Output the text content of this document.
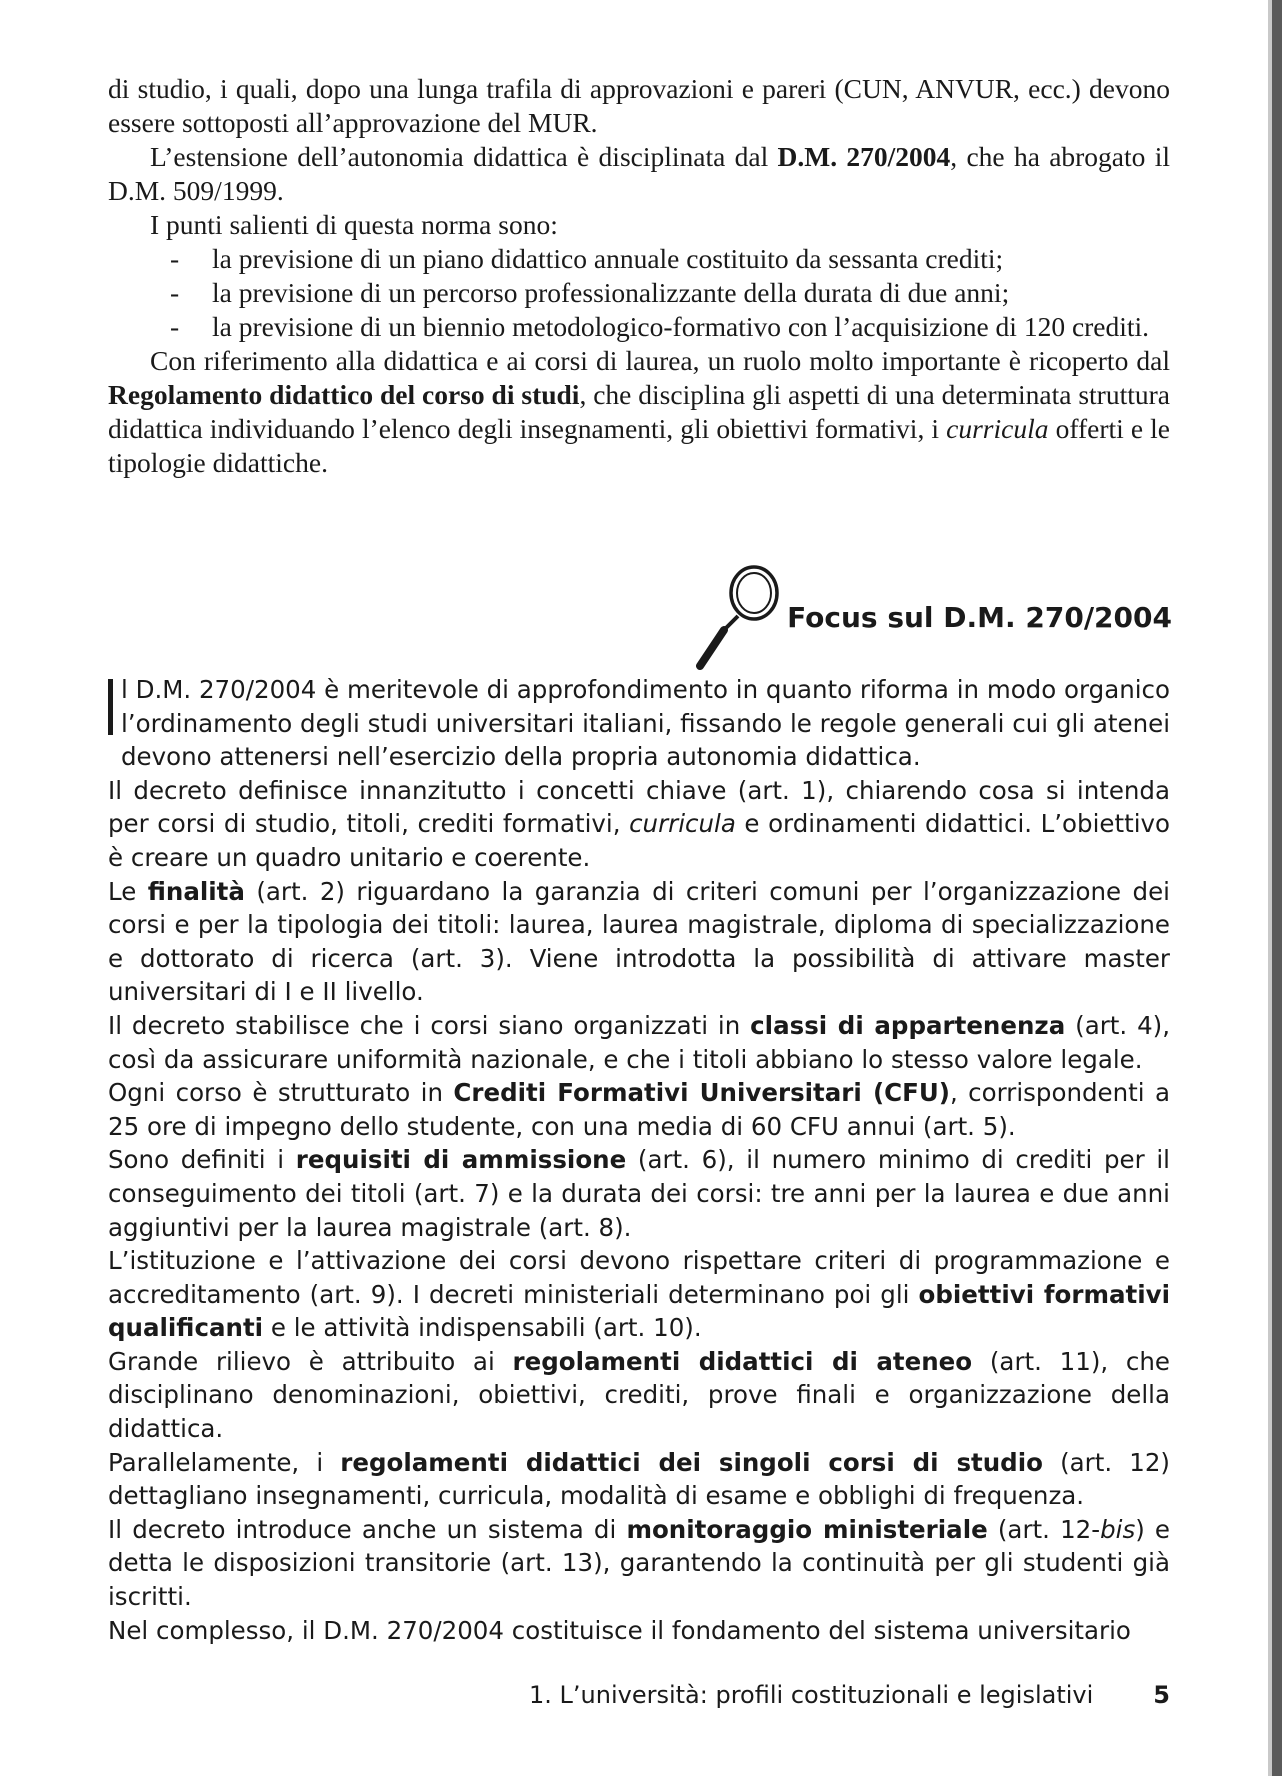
di studio, i quali, dopo una lunga trafila di approvazioni e pareri (CUN, ANVUR, ecc.) devono essere sottoposti all’approvazione del MUR.

L’estensione dell’autonomia didattica è disciplinata dal D.M. 270/2004, che ha abrogato il D.M. 509/1999.

I punti salienti di questa norma sono:

- la previsione di un piano didattico annuale costituito da sessanta crediti;
- la previsione di un percorso professionalizzante della durata di due anni;
- la previsione di un biennio metodologico-formativo con l’acquisizione di 120 crediti.

Con riferimento alla didattica e ai corsi di laurea, un ruolo molto importante è ricoperto dal Regolamento didattico del corso di studi, che disciplina gli aspetti di una determinata struttura didattica individuando l’elenco degli insegnamenti, gli obiettivi formativi, i curricula offerti e le tipologie didattiche.

Focus sul D.M. 270/2004

l D.M. 270/2004 è meritevole di approfondimento in quanto riforma in modo organico l’ordinamento degli studi universitari italiani, fissando le regole generali cui gli atenei devono attenersi nell’esercizio della propria autonomia didattica.

Il decreto definisce innanzitutto i concetti chiave (art. 1), chiarendo cosa si intenda per corsi di studio, titoli, crediti formativi, curricula e ordinamenti didattici. L’obiettivo è creare un quadro unitario e coerente.

Le finalità (art. 2) riguardano la garanzia di criteri comuni per l’organizzazione dei corsi e per la tipologia dei titoli: laurea, laurea magistrale, diploma di specializzazione e dottorato di ricerca (art. 3). Viene introdotta la possibilità di attivare master universitari di I e II livello.

Il decreto stabilisce che i corsi siano organizzati in classi di appartenenza (art. 4), così da assicurare uniformità nazionale, e che i titoli abbiano lo stesso valore legale.

Ogni corso è strutturato in Crediti Formativi Universitari (CFU), corrispondenti a 25 ore di impegno dello studente, con una media di 60 CFU annui (art. 5).

Sono definiti i requisiti di ammissione (art. 6), il numero minimo di crediti per il conseguimento dei titoli (art. 7) e la durata dei corsi: tre anni per la laurea e due anni aggiuntivi per la laurea magistrale (art. 8).

L’istituzione e l’attivazione dei corsi devono rispettare criteri di programmazione e accreditamento (art. 9). I decreti ministeriali determinano poi gli obiettivi formativi qualificanti e le attività indispensabili (art. 10).

Grande rilievo è attribuito ai regolamenti didattici di ateneo (art. 11), che disciplinano denominazioni, obiettivi, crediti, prove finali e organizzazione della didattica.

Parallelamente, i regolamenti didattici dei singoli corsi di studio (art. 12) dettagliano insegnamenti, curricula, modalità di esame e obblighi di frequenza.

Il decreto introduce anche un sistema di monitoraggio ministeriale (art. 12-bis) e detta le disposizioni transitorie (art. 13), garantendo la continuità per gli studenti già iscritti.

Nel complesso, il D.M. 270/2004 costituisce il fondamento del sistema universitario

1. L’università: profili costituzionali e legislativi	5
